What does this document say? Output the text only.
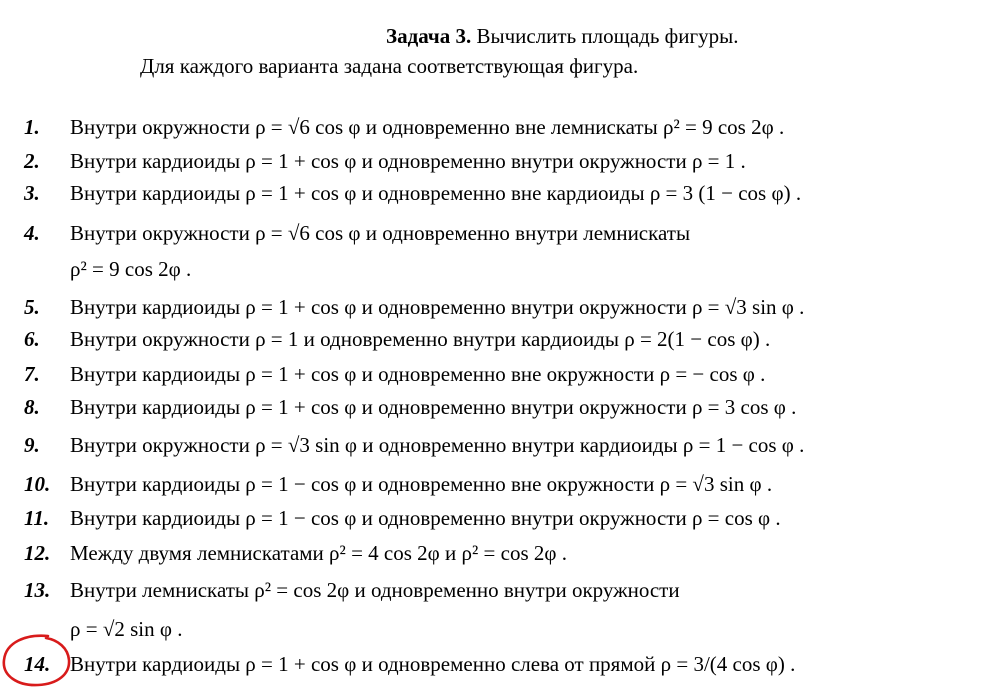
Задача 3. Вычислить площадь фигуры.
Для каждого варианта задана соответствующая фигура.
1. Внутри окружности ρ = √6 cos φ и одновременно вне лемнискаты ρ² = 9 cos 2φ .
2. Внутри кардиоиды ρ = 1 + cos φ и одновременно внутри окружности ρ = 1 .
3. Внутри кардиоиды ρ = 1 + cos φ и одновременно вне кардиоиды ρ = 3 (1 − cos φ) .
4. Внутри окружности ρ = √6 cos φ и одновременно внутри лемнискаты
ρ² = 9 cos 2φ .
5. Внутри кардиоиды ρ = 1 + cos φ и одновременно внутри окружности ρ = √3 sin φ .
6. Внутри окружности ρ = 1 и одновременно внутри кардиоиды ρ = 2(1 − cos φ) .
7. Внутри кардиоиды ρ = 1 + cos φ и одновременно вне окружности ρ = − cos φ .
8. Внутри кардиоиды ρ = 1 + cos φ и одновременно внутри окружности ρ = 3 cos φ .
9. Внутри окружности ρ = √3 sin φ и одновременно внутри кардиоиды ρ = 1 − cos φ .
10. Внутри кардиоиды ρ = 1 − cos φ и одновременно вне окружности ρ = √3 sin φ .
11. Внутри кардиоиды ρ = 1 − cos φ и одновременно внутри окружности ρ = cos φ .
12. Между двумя лемнискатами ρ² = 4 cos 2φ и ρ² = cos 2φ .
13. Внутри лемнискаты ρ² = cos 2φ и одновременно внутри окружности
ρ = √2 sin φ .
14. Внутри кардиоиды ρ = 1 + cos φ и одновременно слева от прямой ρ = 3/(4 cos φ) .
